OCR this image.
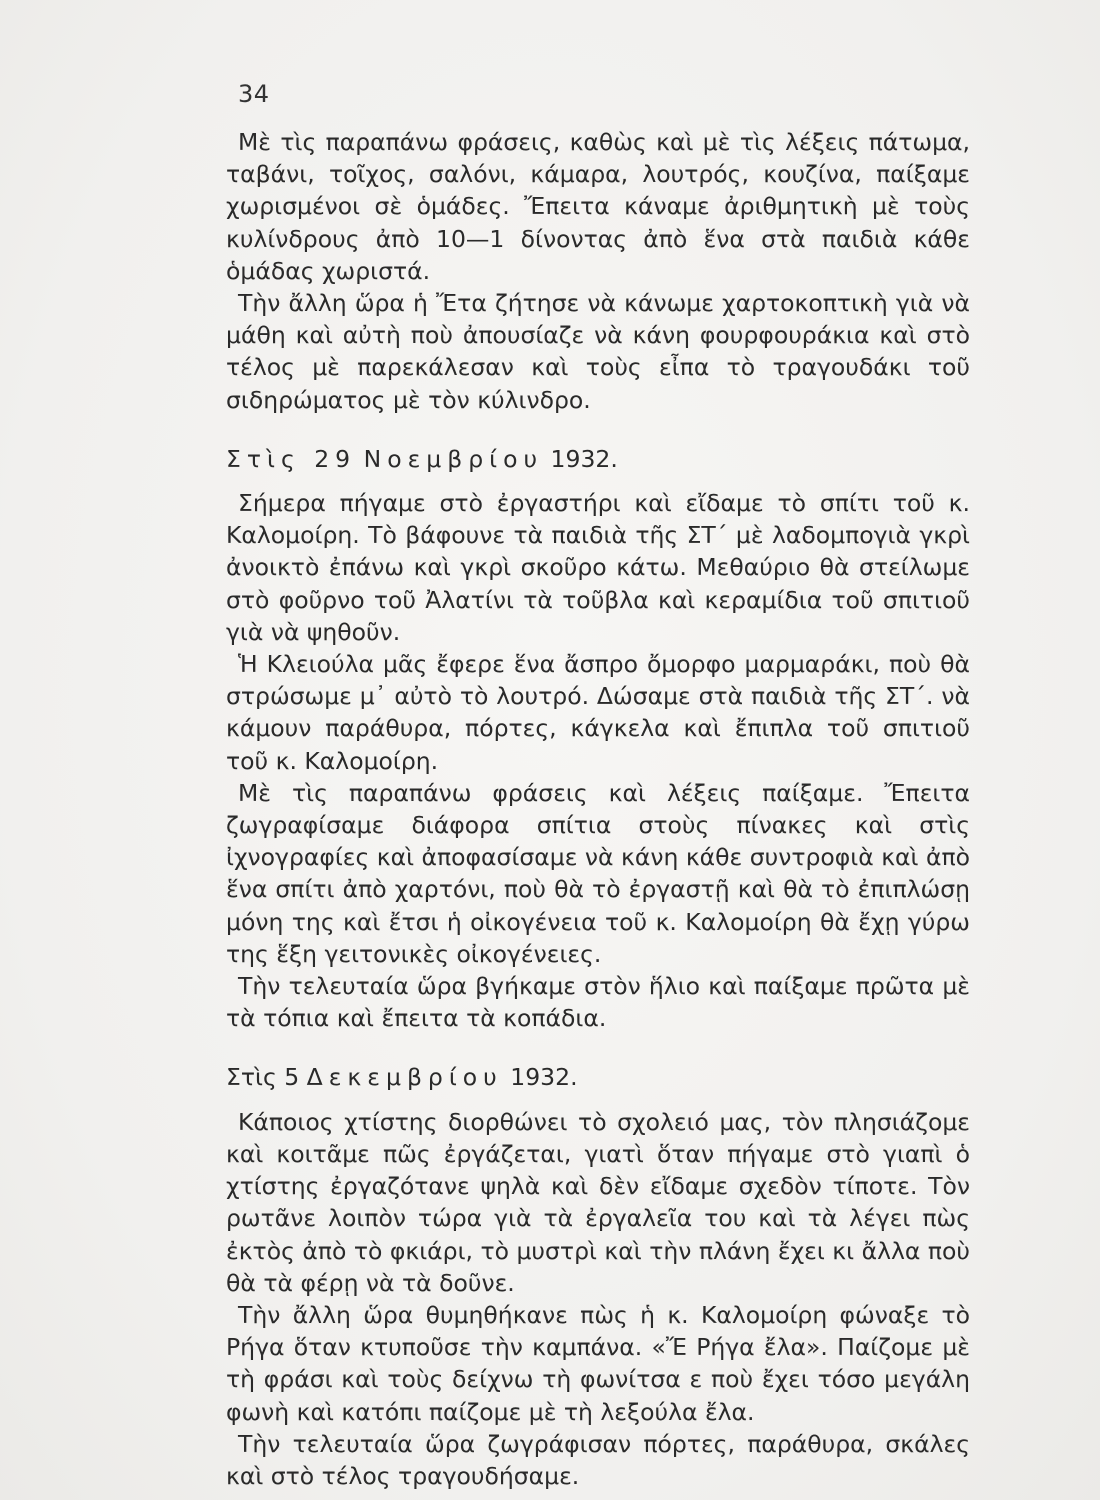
34

Μὲ τὶς παραπάνω φράσεις, καθὼς καὶ μὲ τὶς λέξεις πάτωμα, ταβάνι, τοῖχος, σαλόνι, κάμαρα, λουτρός, κουζίνα, παίξαμε χωρισμένοι σὲ ὁμάδες. Ἔπειτα κάναμε ἀριθμητικὴ μὲ τοὺς κυλίνδρους ἀπὸ 10—1 δίνοντας ἀπὸ ἕνα στὰ παιδιὰ κάθε ὁμάδας χωριστά.

Τὴν ἄλλη ὥρα ἡ Ἔτα ζήτησε νὰ κάνωμε χαρτοκοπτικὴ γιὰ νὰ μάθη καὶ αὐτὴ ποὺ ἀπουσίαζε νὰ κάνη φουρφουράκια καὶ στὸ τέλος μὲ παρεκάλεσαν καὶ τοὺς εἶπα τὸ τραγουδάκι τοῦ σιδηρώματος μὲ τὸν κύλινδρο.

Στὶς 29 Νοεμβρίου 1932.

Σήμερα πήγαμε στὸ ἐργαστήρι καὶ εἴδαμε τὸ σπίτι τοῦ κ. Καλομοίρη. Τὸ βάφουνε τὰ παιδιὰ τῆς ΣΤ΄ μὲ λαδομπογιὰ γκρὶ ἀνοικτὸ ἐπάνω καὶ γκρὶ σκοῦρο κάτω. Μεθαύριο θὰ στείλωμε στὸ φοῦρνο τοῦ Ἀλατίνι τὰ τοῦβλα καὶ κεραμίδια τοῦ σπιτιοῦ γιὰ νὰ ψηθοῦν.

Ἡ Κλειούλα μᾶς ἔφερε ἕνα ἄσπρο ὄμορφο μαρμαράκι, ποὺ θὰ στρώσωμε μ᾿ αὐτὸ τὸ λουτρό. Δώσαμε στὰ παιδιὰ τῆς ΣΤ΄. νὰ κάμουν παράθυρα, πόρτες, κάγκελα καὶ ἔπιπλα τοῦ σπιτιοῦ τοῦ κ. Καλομοίρη.

Μὲ τὶς παραπάνω φράσεις καὶ λέξεις παίξαμε. Ἔπειτα ζωγραφίσαμε διάφορα σπίτια στοὺς πίνακες καὶ στὶς ἰχνογραφίες καὶ ἀποφασίσαμε νὰ κάνη κάθε συντροφιὰ καὶ ἀπὸ ἕνα σπίτι ἀπὸ χαρτόνι, ποὺ θὰ τὸ ἐργαστῇ καὶ θὰ τὸ ἐπιπλώσῃ μόνη της καὶ ἔτσι ἡ οἰκογένεια τοῦ κ. Καλομοίρη θὰ ἔχῃ γύρω της ἕξη γειτονικὲς οἰκογένειες.

Τὴν τελευταία ὥρα βγήκαμε στὸν ἥλιο καὶ παίξαμε πρῶτα μὲ τὰ τόπια καὶ ἔπειτα τὰ κοπάδια.

Στὶς 5 Δεκεμβρίου 1932.

Κάποιος χτίστης διορθώνει τὸ σχολειό μας, τὸν πλησιάζομε καὶ κοιτᾶμε πῶς ἐργάζεται, γιατὶ ὅταν πήγαμε στὸ γιαπὶ ὁ χτίστης ἐργαζότανε ψηλὰ καὶ δὲν εἴδαμε σχεδὸν τίποτε. Τὸν ρωτᾶνε λοιπὸν τώρα γιὰ τὰ ἐργαλεῖα του καὶ τὰ λέγει πὼς ἐκτὸς ἀπὸ τὸ φκιάρι, τὸ μυστρὶ καὶ τὴν πλάνη ἔχει κι ἄλλα ποὺ θὰ τὰ φέρῃ νὰ τὰ δοῦνε.

Τὴν ἄλλη ὥρα θυμηθήκανε πὼς ἡ κ. Καλομοίρη φώναξε τὸ Ρήγα ὅταν κτυποῦσε τὴν καμπάνα. «Ἔ Ρήγα ἔλα». Παίζομε μὲ τὴ φράσι καὶ τοὺς δείχνω τὴ φωνίτσα ε ποὺ ἔχει τόσο μεγάλη φωνὴ καὶ κατόπι παίζομε μὲ τὴ λεξούλα ἔλα.

Τὴν τελευταία ὥρα ζωγράφισαν πόρτες, παράθυρα, σκάλες καὶ στὸ τέλος τραγουδήσαμε.
